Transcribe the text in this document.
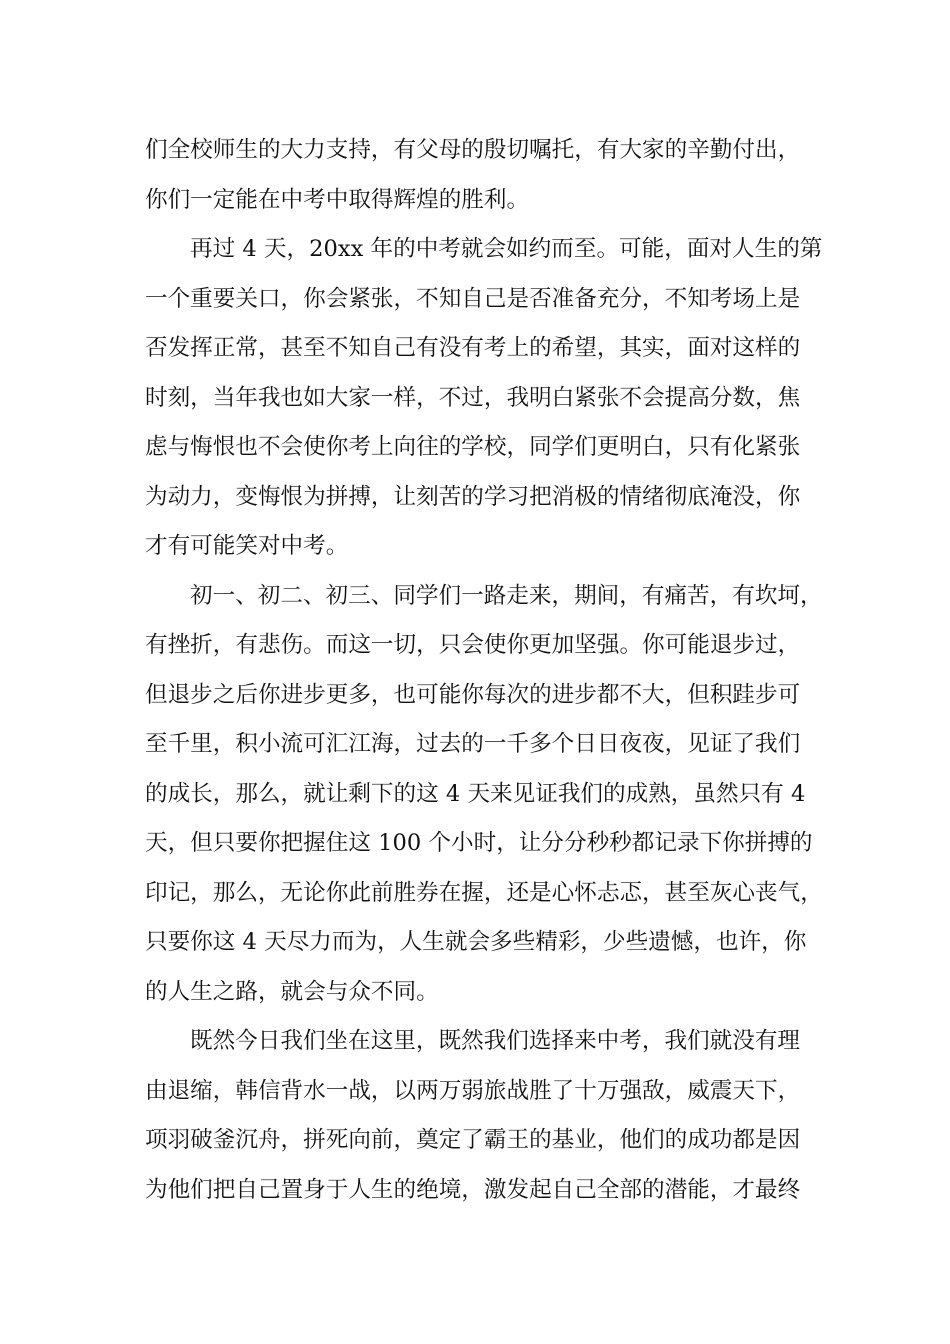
们全校师生的大力支持，有父母的殷切嘱托，有大家的辛勤付出，
你们一定能在中考中取得辉煌的胜利。
再过 4 天，20xx 年的中考就会如约而至。可能，面对人生的第
一个重要关口，你会紧张，不知自己是否准备充分，不知考场上是
否发挥正常，甚至不知自己有没有考上的希望，其实，面对这样的
时刻，当年我也如大家一样，不过，我明白紧张不会提高分数，焦
虑与悔恨也不会使你考上向往的学校，同学们更明白，只有化紧张
为动力，变悔恨为拼搏，让刻苦的学习把消极的情绪彻底淹没，你
才有可能笑对中考。
初一、初二、初三、同学们一路走来，期间，有痛苦，有坎坷，
有挫折，有悲伤。而这一切，只会使你更加坚强。你可能退步过，
但退步之后你进步更多，也可能你每次的进步都不大，但积跬步可
至千里，积小流可汇江海，过去的一千多个日日夜夜，见证了我们
的成长，那么，就让剩下的这 4 天来见证我们的成熟，虽然只有 4
天，但只要你把握住这 100 个小时，让分分秒秒都记录下你拼搏的
印记，那么，无论你此前胜券在握，还是心怀忐忑，甚至灰心丧气，
只要你这 4 天尽力而为，人生就会多些精彩，少些遗憾，也许，你
的人生之路，就会与众不同。
既然今日我们坐在这里，既然我们选择来中考，我们就没有理
由退缩，韩信背水一战，以两万弱旅战胜了十万强敌，威震天下，
项羽破釜沉舟，拼死向前，奠定了霸王的基业，他们的成功都是因
为他们把自己置身于人生的绝境，激发起自己全部的潜能，才最终
